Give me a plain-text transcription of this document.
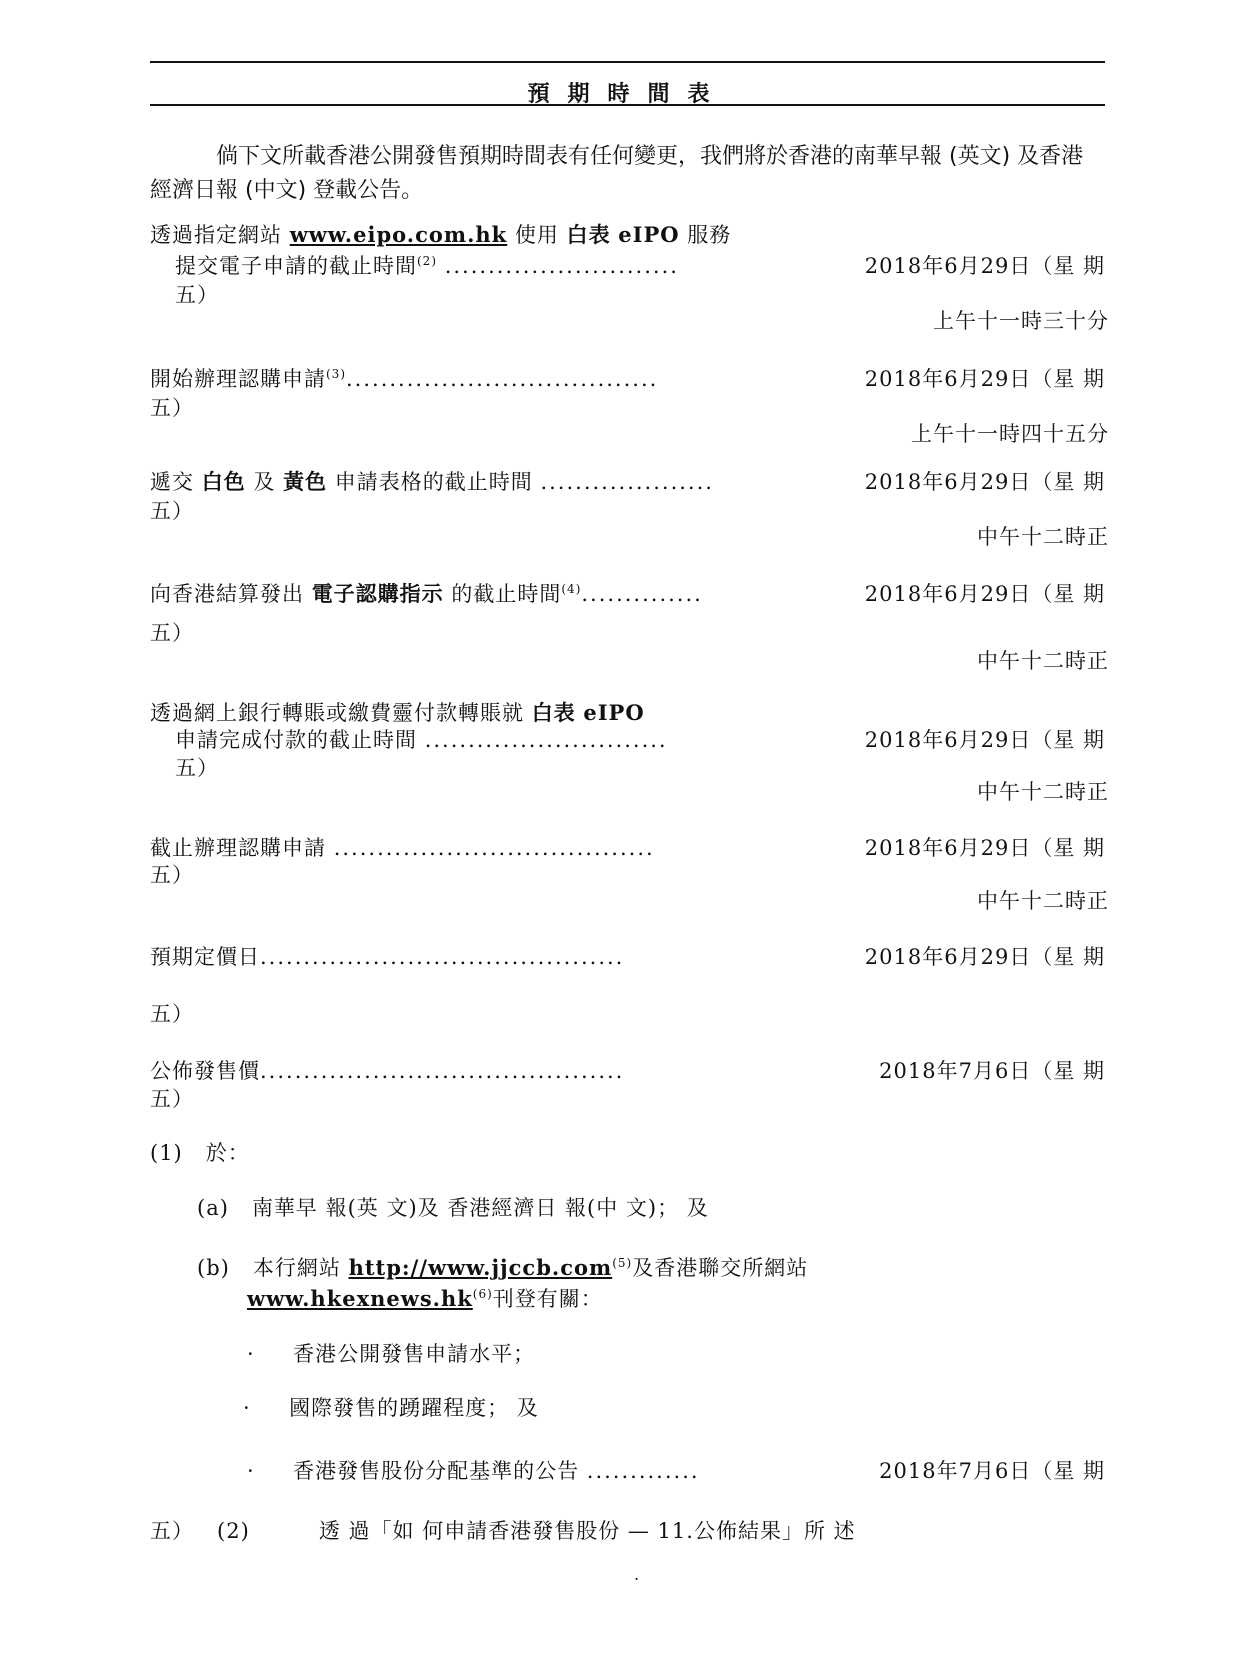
預期時間表
倘下文所載香港公開發售預期時間表有任何變更，我們將於香港的南華早報 (英文) 及香港經濟日報 (中文) 登載公告。
透過指定網站 www.eipo.com.hk 使用 白表 eIPO 服務
提交電子申請的截止時間$^{(2)}$ ...........................
五）
2018年6月29日（星 期
上午十一時三十分
開始辦理認購申請$^{(3)}$....................................
五）
2018年6月29日（星 期
上午十一時四十五分
遞交 白色 及 黃色 申請表格的截止時間 ....................
五）
2018年6月29日（星 期
中午十二時正
向香港結算發出 電子認購指示 的截止時間$^{(4)}$..............
五）
2018年6月29日（星 期
中午十二時正
透過網上銀行轉賬或繳費靈付款轉賬就 白表 eIPO
申請完成付款的截止時間 ............................
五）
2018年6月29日（星 期
中午十二時正
截止辦理認購申請 .....................................
五）
2018年6月29日（星 期
中午十二時正
預期定價日..........................................
五）
2018年6月29日（星 期
公佈發售價..........................................
五）
2018年7月6日（星 期
(1) 於：
(a) 南華早 報(英 文)及 香港經濟日 報(中 文)； 及
(b) 本行網站 http://www.jjccb.com$^{(5)}$及香港聯交所網站
$www.hkexnews.hk^{(6)}$刊登有關：
· 香港公開發售申請水平；
· 國際發售的踴躍程度； 及
· 香港發售股份分配基準的公告 .............	2018年7月6日（星 期
五） (2)	透 過「如 何申請香港發售股份 — 11.公佈結果」所 述
.
